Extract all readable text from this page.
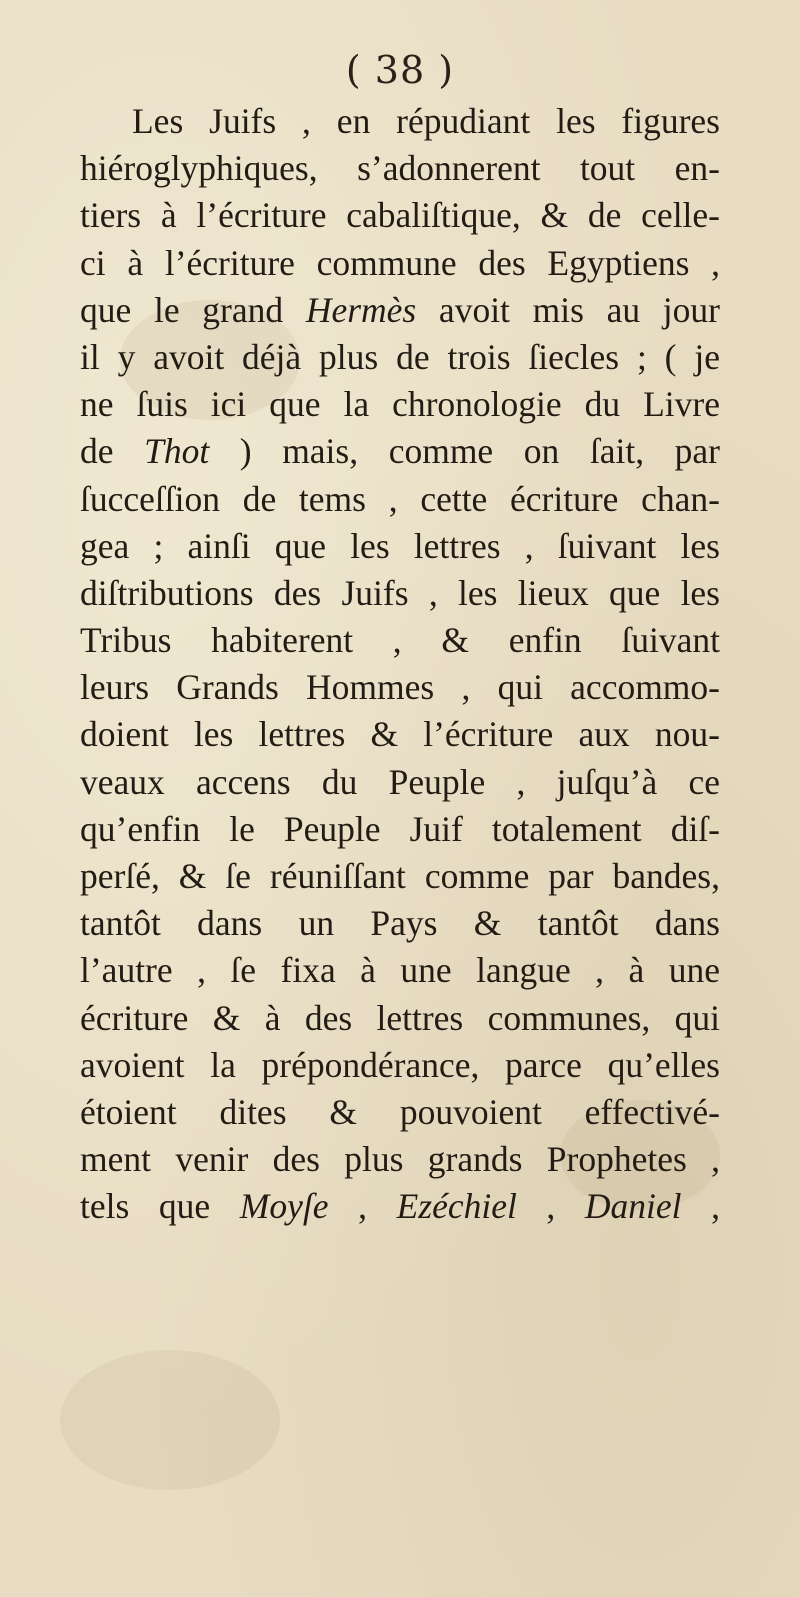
( 38 )
Les Juifs , en répudiant les figures
hiéroglyphiques, s’adonnerent tout en-
tiers à l’écriture cabaliſtique, & de celle-
ci à l’écriture commune des Egyptiens ,
que le grand Hermès avoit mis au jour
il y avoit déjà plus de trois ſiecles ; ( je
ne ſuis ici que la chronologie du Livre
de Thot ) mais, comme on ſait, par
ſucceſſion de tems , cette écriture chan-
gea ; ainſi que les lettres , ſuivant les
diſtributions des Juifs , les lieux que les
Tribus habiterent , & enfin ſuivant
leurs Grands Hommes , qui accommo-
doient les lettres & l’écriture aux nou-
veaux accens du Peuple , juſqu’à ce
qu’enfin le Peuple Juif totalement diſ-
perſé, & ſe réuniſſant comme par bandes,
tantôt dans un Pays & tantôt dans
l’autre , ſe fixa à une langue , à une
écriture & à des lettres communes, qui
avoient la prépondérance, parce qu’elles
étoient dites & pouvoient effectivé-
ment venir des plus grands Prophetes ,
tels que Moyſe , Ezéchiel , Daniel ,
